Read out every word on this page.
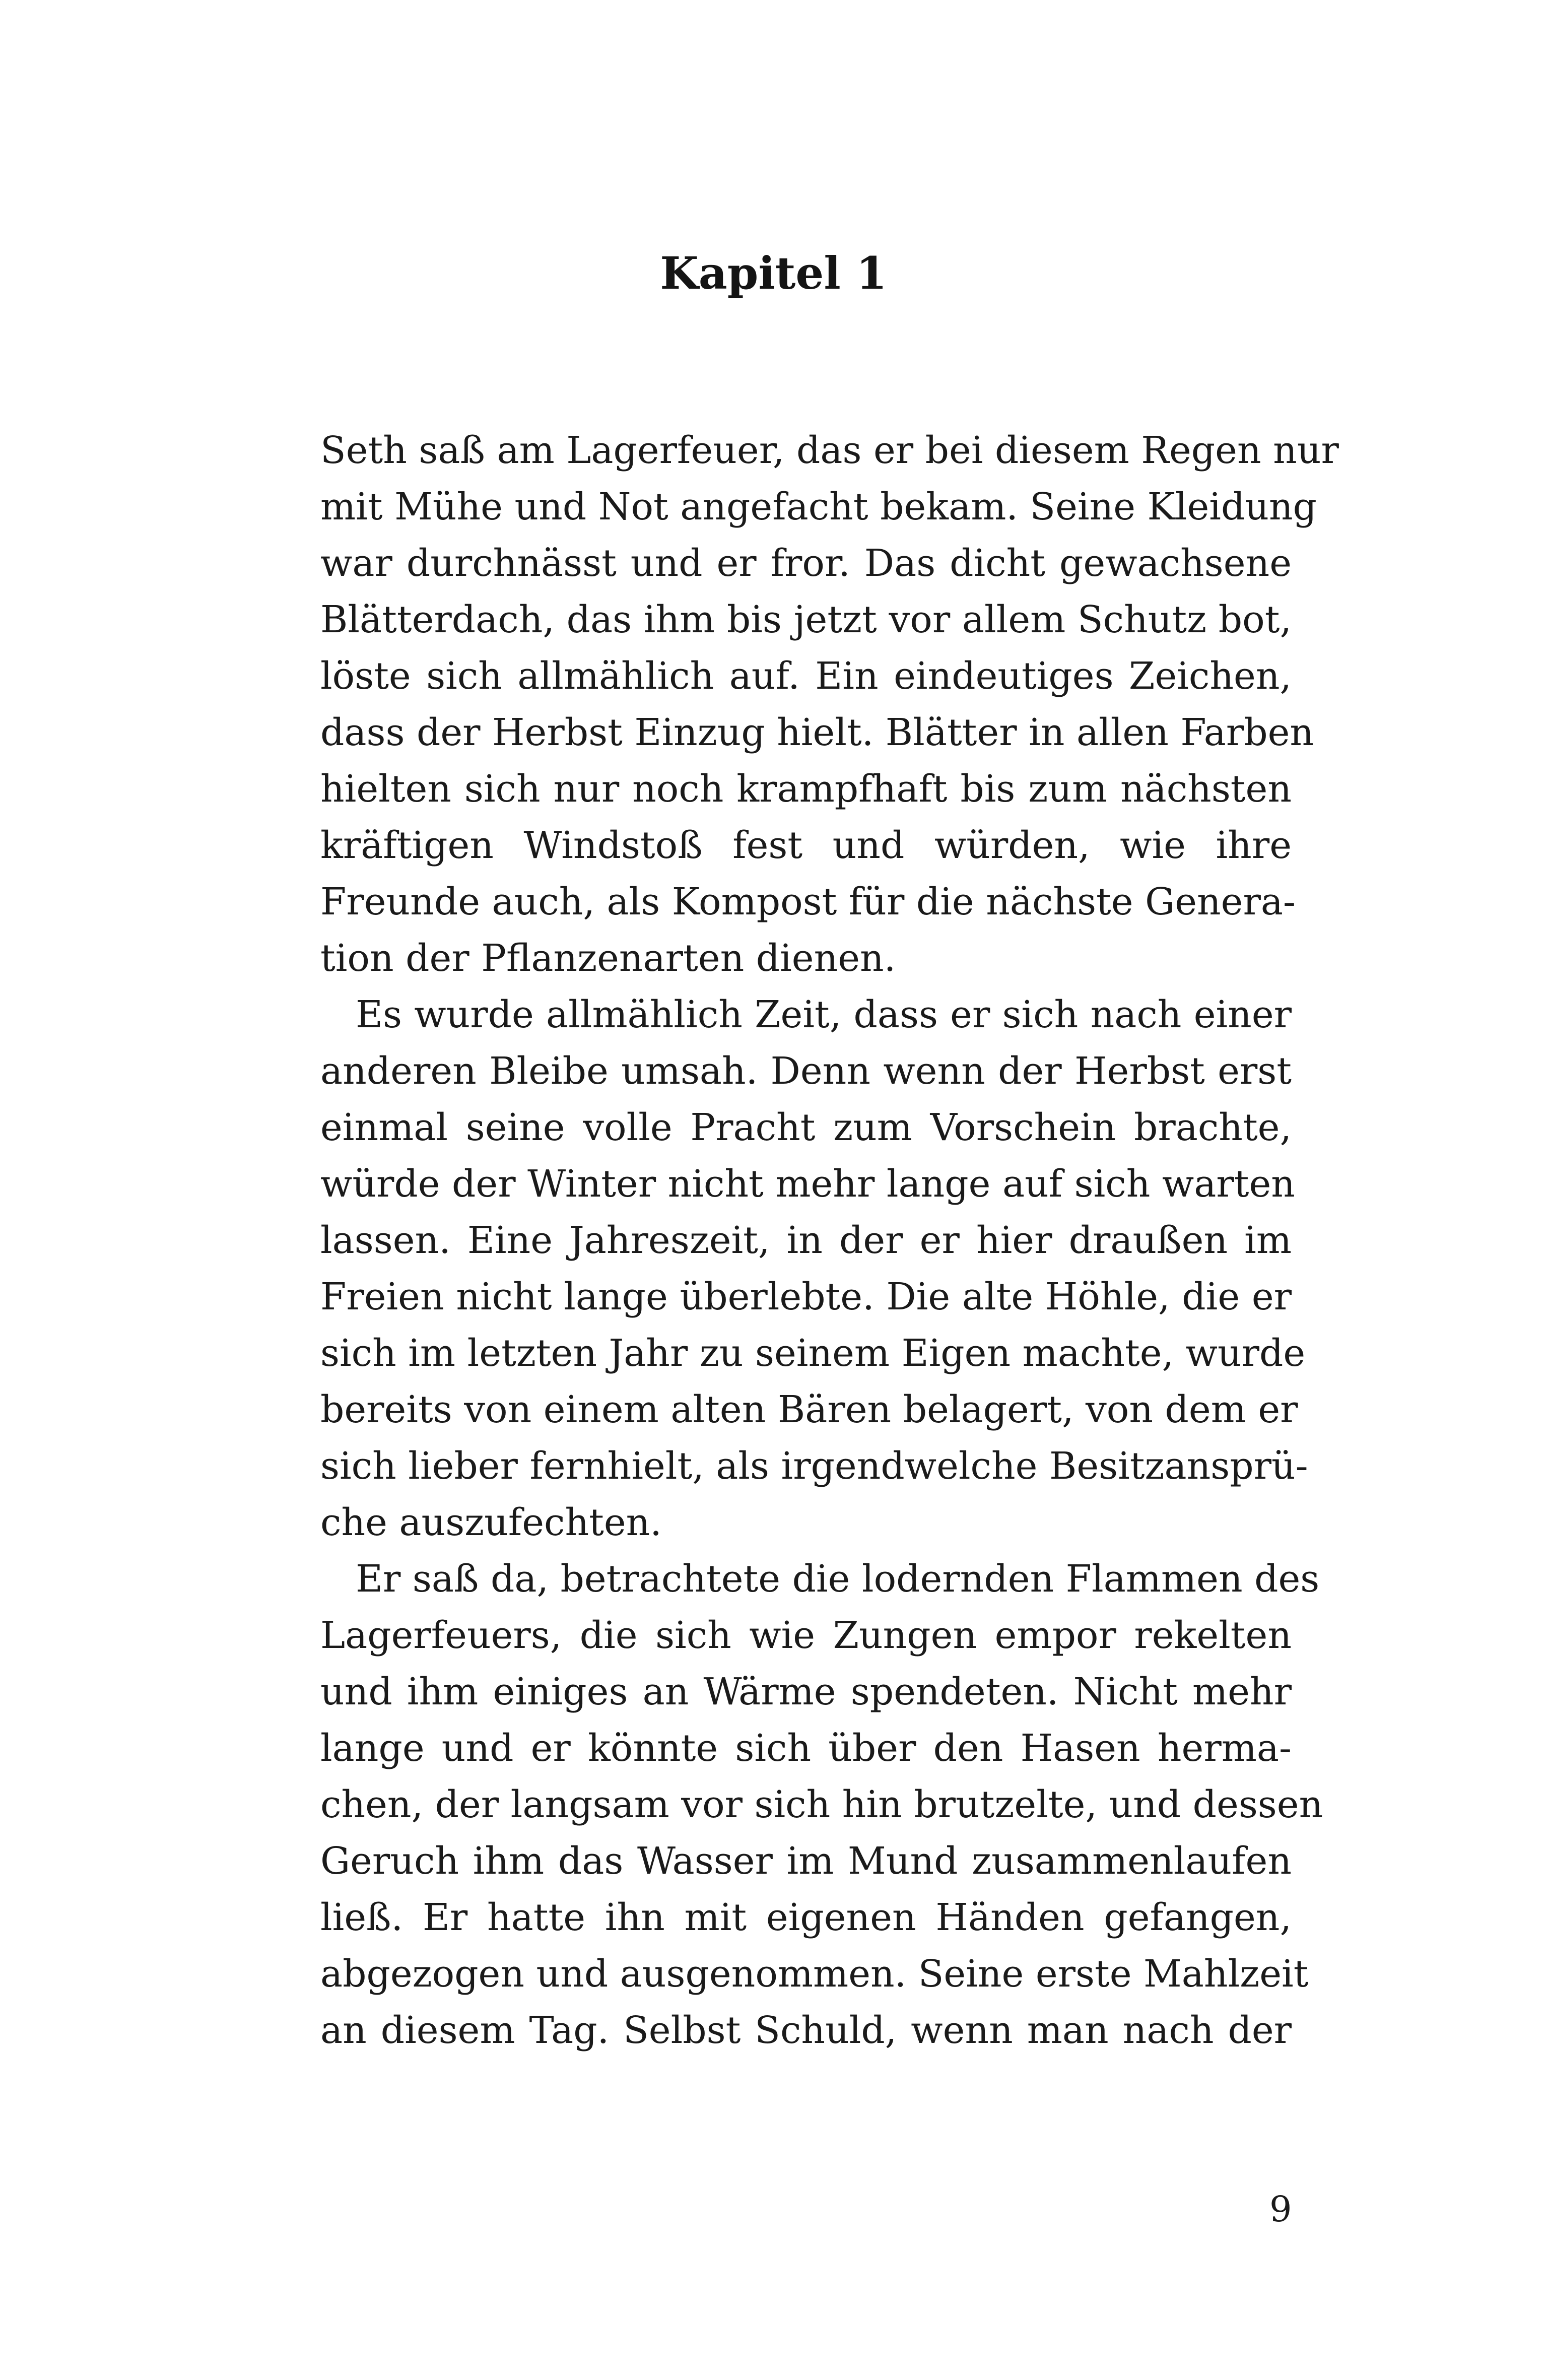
Kapitel 1
Seth saß am Lagerfeuer, das er bei diesem Regen nur
mit Mühe und Not angefacht bekam. Seine Kleidung
war durchnässt und er fror. Das dicht gewachsene
Blätterdach, das ihm bis jetzt vor allem Schutz bot,
löste sich allmählich auf. Ein eindeutiges Zeichen,
dass der Herbst Einzug hielt. Blätter in allen Farben
hielten sich nur noch krampfhaft bis zum nächsten
kräftigen Windstoß fest und würden, wie ihre
Freunde auch, als Kompost für die nächste Genera-
tion der Pflanzenarten dienen.
Es wurde allmählich Zeit, dass er sich nach einer
anderen Bleibe umsah. Denn wenn der Herbst erst
einmal seine volle Pracht zum Vorschein brachte,
würde der Winter nicht mehr lange auf sich warten
lassen. Eine Jahreszeit, in der er hier draußen im
Freien nicht lange überlebte. Die alte Höhle, die er
sich im letzten Jahr zu seinem Eigen machte, wurde
bereits von einem alten Bären belagert, von dem er
sich lieber fernhielt, als irgendwelche Besitzansprü-
che auszufechten.
Er saß da, betrachtete die lodernden Flammen des
Lagerfeuers, die sich wie Zungen empor rekelten
und ihm einiges an Wärme spendeten. Nicht mehr
lange und er könnte sich über den Hasen herma-
chen, der langsam vor sich hin brutzelte, und dessen
Geruch ihm das Wasser im Mund zusammenlaufen
ließ. Er hatte ihn mit eigenen Händen gefangen,
abgezogen und ausgenommen. Seine erste Mahlzeit
an diesem Tag. Selbst Schuld, wenn man nach der
9
